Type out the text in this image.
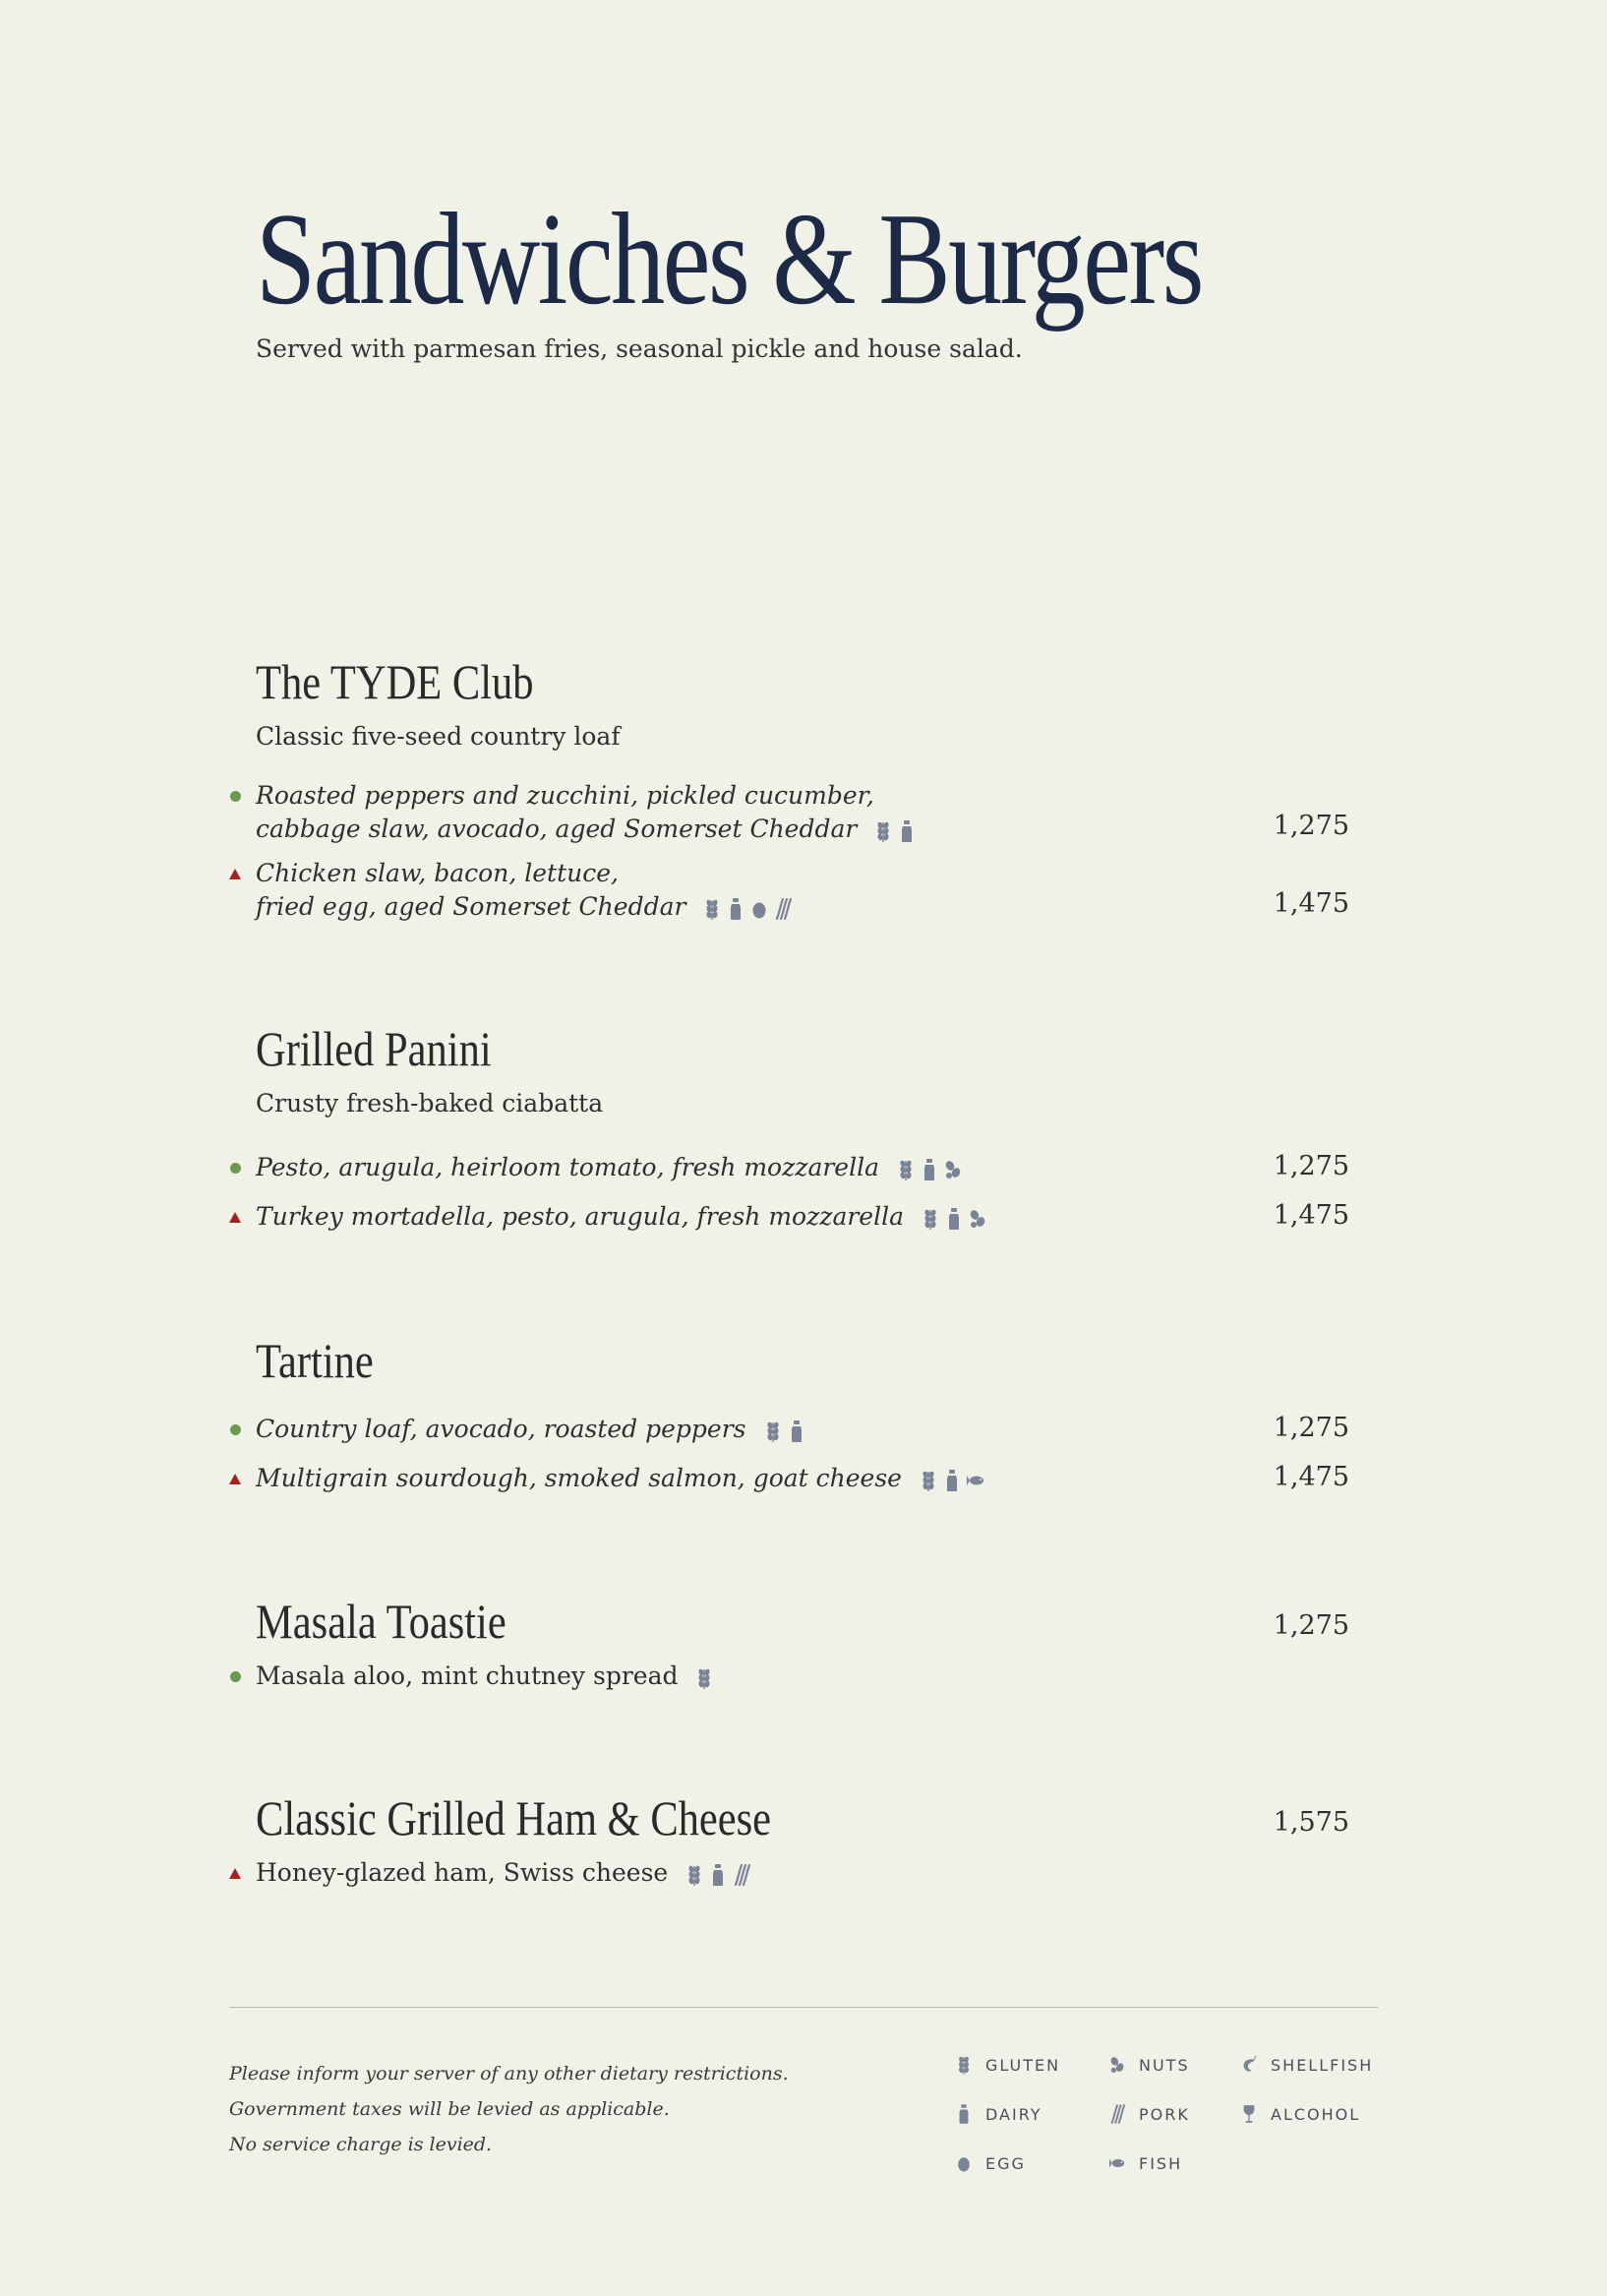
Sandwiches & Burgers
Served with parmesan fries, seasonal pickle and house salad.
The TYDE Club
Classic five-seed country loaf
Roasted peppers and zucchini, pickled cucumber,
cabbage slaw, avocado, aged Somerset Cheddar	1,275
Chicken slaw, bacon, lettuce,
fried egg, aged Somerset Cheddar	1,475
Grilled Panini
Crusty fresh-baked ciabatta
Pesto, arugula, heirloom tomato, fresh mozzarella	1,275
Turkey mortadella, pesto, arugula, fresh mozzarella	1,475
Tartine
Country loaf, avocado, roasted peppers	1,275
Multigrain sourdough, smoked salmon, goat cheese	1,475
Masala Toastie	1,275
Masala aloo, mint chutney spread
Classic Grilled Ham & Cheese	1,575
Honey-glazed ham, Swiss cheese
Please inform your server of any other dietary restrictions.
Government taxes will be levied as applicable.
No service charge is levied.
GLUTEN	NUTS	SHELLFISH
DAIRY	PORK	ALCOHOL
EGG	FISH
